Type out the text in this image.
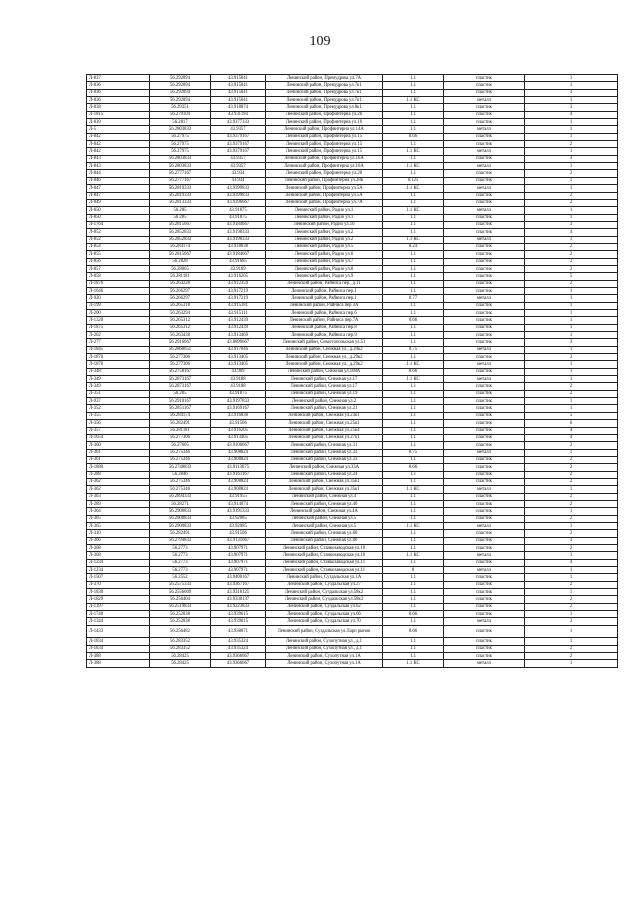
109
Л-837	56.292094	43.915041	Ленинский район, Премудрова ул.7А	1.1	пластик	1
Л-836	56.292094	43.915041	Ленинский район, Премудрова ул.7к1	1.1	пластик	1
Л-836	56.292094	43.915041	Ленинский район, Премудрова ул.7к1	1.1	пластик	3
Л-836	56.292094	43.915041	Ленинский район, Премудрова ул.7к1	1.1 КС	металл	1
Л-838	56.29351	43.918874	Ленинский район, Премудрова ул.8к1	1.1	пластик	3
Л-1815	56.279104	43.931194	Ленинский район, Профинтерна ул.2б	1.1	пластик	4
Л-839	56.2817	43.9377333	Ленинский район, Профинтерна ул.10	1.1	пластик	1
Л-5	56.2803833	43.9357	Ленинский район, Профинтерна ул.14А	1.1	металл	1
Л-842	56.27975	43.9379167	Ленинский район, Профинтерна ул.15	0.66	пластик	1
Л-842	56.27975	43.9379167	Ленинский район, Профинтерна ул.15	1.1	пластик	2
Л-842	56.27975	43.9379167	Ленинский район, Профинтерна ул.15	1.1 КС	металл	1
Л-843	56.2803833	43.9357	Ленинский район, Профинтерна ул.16А	1.1	пластик	3
Л-843	56.2803833	43.9357	Ленинский район, Профинтерна ул.16А	1.1 КС	металл	1
Л-844	56.2777167	43.934	Ленинский район, Профинтерна ул.28	1.1	пластик	2
Л-846	56.2777167	43.934	Ленинский район, Профинтерна ул.28Б	0.125	пластик	1
Л-847	56.2819333	43.9399833	Ленинский район, Профинтерна ул.5А	1.1 КС	металл	1
Л-847	56.2819333	43.9399833	Ленинский район, Профинтерна ул.5А	1.1	пластик	2
Л-849	56.2813333	43.9396667	Ленинский район, Профинтерна ул.7А	1.1	пластик	2
Л-850	56.285	43.91875	Ленинский район, Радио ул.1	1.1 КС	металл	1
Л-850	56.285	43.91875	Ленинский район, Радио ул.1	1.1	пластик	1
Л-1764	56.2815667	43.9184667	Ленинский район, Радио ул.10	1.1	пластик	3
Л-852	56.2852833	43.9198333	Ленинский район, Радио ул.2	1.1	пластик	4
Л-852	56.2852833	43.9198333	Ленинский район, Радио ул.2	1.1 КС	металл	1
Л-854	56.284174	43.918838	Ленинский район, Радио ул.5	0.24	пластик	2
Л-855	56.2815667	43.9184667	Ленинский район, Радио ул.6	1.1	пластик	2
Л-856	56.2828	43.91685	Ленинский район, Радио ул.7	1.1	пластик	2
Л-857	56.28065	43.9169	Ленинский район, Радио ул.8	1.1	пластик	2
Л-858	56.281181	43.916205	Ленинский район, Радио ул.9	1.1	пластик	5
Л-1876	56.264228	43.912359	Ленинский район, Райниса пер., д.11	1.1	пластик	2
Л-1646	56.266297	43.917219	Ленинский район, Райниса пер.1	1.1	пластик	1
Л-920	56.266297	43.917219	Ленинский район, Райниса пер.1	0.77	металл	1
Л-199	56.265318	43.915181	Ленинский район, Райниса пер.3А	1.1	пластик	1
Л-200	56.263294	43.915111	Ленинский район, Райниса пер.6	1.1	пластик	1
Л-1320	56.265312	43.912439	Ленинский район, Райниса пер.7А	0.66	пластик	1
Л-1875	56.265312	43.912439	Ленинский район, Райниса пер.8	1.1	пластик	1
Л-202	56.263438	43.913469	Ленинский район, Райниса пер.9	1.1	пластик	1
Л-277	56.2916667	43.8899667	Ленинский район, Севастопольская ул.51	1.1	пластик	3
Л-1845	56.2860651	43.917046	Ленинский район, Снежная ул., д.20к2	0.75	металл	1
Л-1870	56.277306	43.913405	Ленинский район, Снежная ул., д.29к2	1.1	пластик	3
Л-1870	56.277306	43.913405	Ленинский район, Снежная ул., д.29к2	1.1 КС	металл	1
Л-348	56.2758167	43.909	Ленинский район, Снежная ул.108А	0.66	пластик	1
Л-349	56.2873167	43.9188	Ленинский район, Снежная ул.17	1.1 КС	металл	1
Л-349	56.2873167	43.9188	Ленинский район, Снежная ул.17	1.1	пластик	2
Л-351	56.285	43.91875	Ленинский район, Снежная ул.19	1.1	пластик	2
Л-937	56.2910167	43.9197833	Ленинский район, Снежная ул.2	1.1	пластик	1
Л-352	56.2851167	43.9169167	Ленинский район, Снежная ул.21	1.1	пластик	1
Л-355	56.284174	43.916838	Ленинский район, Снежная ул.23к1	1.1	пластик	5
Л-356	56.282491	43.91506	Ленинский район, Снежная ул.25к1	1.1	пластик	6
Л-357	56.281181	43.916205	Ленинский район, Снежная ул.25к4	1.1	пластик	4
Л-1654	56.277306	43.913405	Ленинский район, Снежная ул.27к1	1.1	пластик	4
Л-360	56.27605	43.9100667	Ленинский район, Снежная ул.31	1.1	пластик	2
Л-361	56.275346	43.908824	Ленинский район, Снежная ул.33	0.75	металл	1
Л-361	56.275346	43.908824	Ленинский район, Снежная ул.33	1.1	пластик	2
Л-1880	56.2748833	43.9113875	Ленинский район, Снежная ул.33А	0.66	пластик	2
Л-288	56.2846	43.9161167	Ленинский район, Снежная ул.34	1.1	пластик	2
Л-362	56.275346	43.908824	Ленинский район, Снежная ул.35к1	1.1	пластик	2
Л-362	56.275346	43.908824	Ленинский район, Снежная ул.35к1	1.1 КС	металл	1
Л-363	56.2894333	43.91955	Ленинский район, Снежная ул.4	1.1	пластик	2
Л-289	56.28271	43.914074	Ленинский район, Снежная ул.40	1.1	пластик	2
Л-364	56.2900833	43.9191333	Ленинский район, Снежная ул.4А	1.1	пластик	1
Л-365	56.2900833	43.92085	Ленинский район, Снежная ул.5	1.1	пластик	2
Л-365	56.2900833	43.92085	Ленинский район, Снежная ул.5	1.1 КС	металл	1
Л-310	56.282491	43.91506	Ленинский район, Снежная ул.60	1.1	пластик	2
Л-366	56.2794833	43.9131667	Ленинский район, Снежная ул.80	1.1	пластик	3
Л-368	56.2773	43.907971	Ленинский район, Станкозаводская ул.10	1.1	пластик	2
Л-368	56.2773	43.907971	Ленинский район, Станкозаводская ул.10	1.1 КС	металл	1
Л-1234	56.2773	43.907971	Ленинский район, Станкозаводская ул.11	1.1	пластик	4
Л-1234	56.2773	43.907971	Ленинский район, Станкозаводская ул.11	8	металл	1
Л-1507	56.2552	43.9400167	Ленинский район, Суздальская ул.1А	1.1	пластик	1
Л-370	56.2575333	43.9367167	Ленинский район, Суздальская ул.27	1.1	пластик	2
Л-1830	56.2556609	43.9318125	Ленинский район, Суздальская ул.58к2	1.1	пластик	1
Л-1829	56.256404	43.9330137	Ленинский район, Суздальская ул.58к3	1.1	пластик	2
Л-1397	56.2519833	43.9223833	Ленинский район, Суздальская ул.62	1.1	пластик	2
Л-1740	56.252038	43.939615	Ленинский район, Суздальская ул.66	0.66	пластик	1
Л-1344	56.252038	43.939615	Ленинский район, Суздальская ул.70	1.1	металл	3
Л-1433	56.256482	43.938071	Ленинский район, Суздальская ул.Ларп рынок	0.66	пластик	1
Л-1834	56.283352	43.935324	Ленинский район, Сухопутная ул., д.1	1.1	пластик	1
Л-1834	56.283352	43.935324	Ленинский район, Сухопутная ул., д.1	1.1	пластик	2
Л-388	56.28425	43.9366667	Ленинский район, Сухопутная ул.1А	1.1	пластик	2
Л-388	56.28425	43.9366667	Ленинский район, Сухопутная ул.1А	1.1 КС	металл	1
